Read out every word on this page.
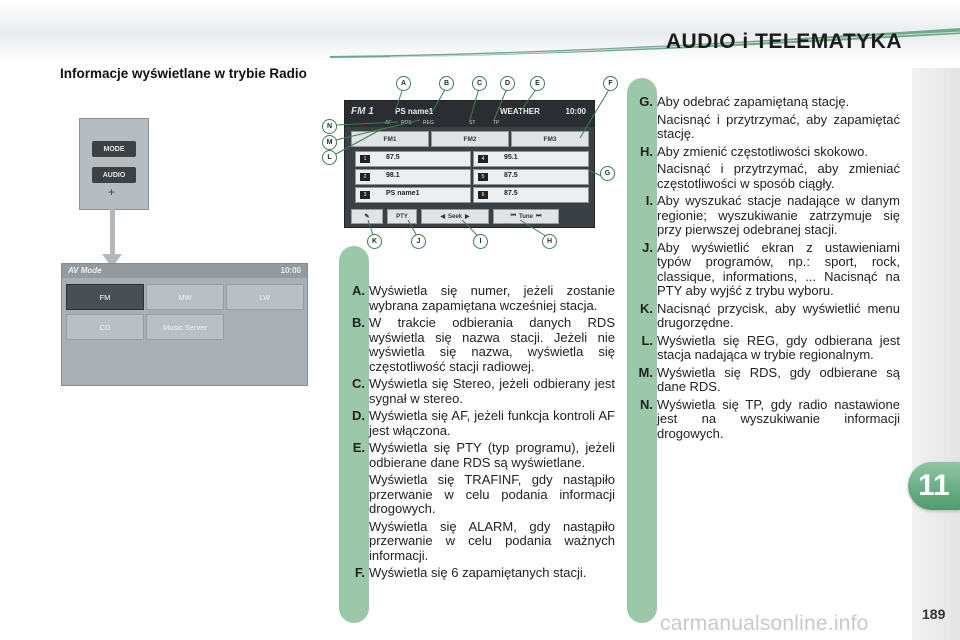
AUDIO i TELEMATYKA
Informacje wyświetlane w trybie Radio
11
189
carmanualsonline.info
MODE
AUDIO
+
AV Mode	10:00
FM	MW	LW
CD	Music Server
FM 1	PS name1
AF RDS REG	ST	TP
WEATHER	10:00
FM1	FM2	FM3
1	87.5
2	98.1
3	PS name1
4	95.1
5	87.5
6	87.5
✎	PTY	◀ Seek ▶	⏮ Tune ⏭
A	B	C	D	E	F
G
H
I
J
K
L
M
N
A. Wyświetla się numer, jeżeli zostanie wybrana zapamiętana wcześniej stacja.
B. W trakcie odbierania danych RDS wyświetla się nazwa stacji. Jeżeli nie wyświetla się nazwa, wyświetla się częstotliwość stacji radiowej.
C. Wyświetla się Stereo, jeżeli odbierany jest sygnał w stereo.
D. Wyświetla się AF, jeżeli funkcja kontroli AF jest włączona.
E. Wyświetla się PTY (typ programu), jeżeli odbierane dane RDS są wyświetlane.
Wyświetla się TRAFINF, gdy nastąpiło przerwanie w celu podania informacji drogowych.
Wyświetla się ALARM, gdy nastąpiło przerwanie w celu podania ważnych informacji.
F. Wyświetla się 6 zapamiętanych stacji.
G. Aby odebrać zapamiętaną stację.
Nacisnąć i przytrzymać, aby zapamiętać stację.
H. Aby zmienić częstotliwości skokowo.
Nacisnąć i przytrzymać, aby zmieniać częstotliwości w sposób ciągły.
I. Aby wyszukać stacje nadające w danym regionie; wyszukiwanie zatrzymuje się przy pierwszej odebranej stacji.
J. Aby wyświetlić ekran z ustawieniami typów programów, np.: sport, rock, classique, informations, ... Nacisnąć na PTY aby wyjść z trybu wyboru.
K. Nacisnąć przycisk, aby wyświetlić menu drugorzędne.
L. Wyświetla się REG, gdy odbierana jest stacja nadająca w trybie regionalnym.
M. Wyświetla się RDS, gdy odbierane są dane RDS.
N. Wyświetla się TP, gdy radio nastawione jest na wyszukiwanie informacji drogowych.
